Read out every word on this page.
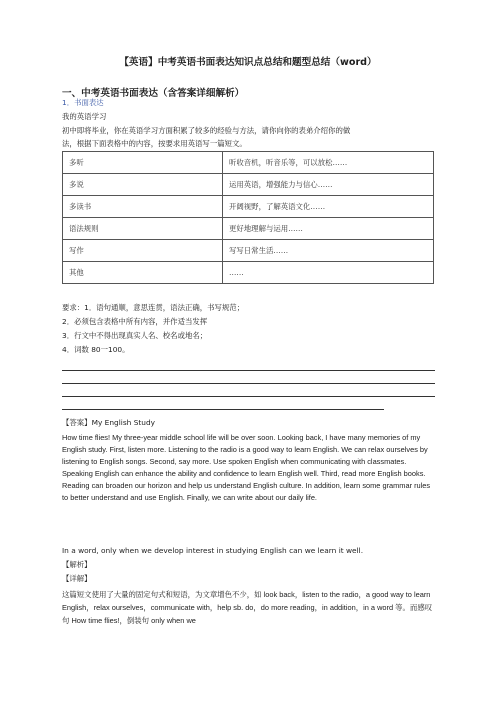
【英语】中考英语书面表达知识点总结和题型总结（word）
一、中考英语书面表达（含答案详细解析）
1．书面表达
我的英语学习
初中即将毕业，你在英语学习方面积累了较多的经验与方法，请你向你的表弟介绍你的做
法，根据下面表格中的内容，按要求用英语写一篇短文。
多听	听收音机，听音乐等，可以放松……
多说	运用英语，增强能力与信心……
多读书	开阔视野，了解英语文化……
语法规则	更好地理解与运用……
写作	写写日常生活……
其他	……
要求：1．语句通顺，意思连贯，语法正确，书写规范；
2．必须包含表格中所有内容，并作适当发挥
3．行文中不得出现真实人名、校名或地名；
4．词数 80一100。
【答案】My English Study
How time flies! My three-year middle school life will be over soon. Looking back, I have many memories of my English study. First, listen more. Listening to the radio is a good way to learn English. We can relax ourselves by listening to English songs. Second, say more. Use spoken English when communicating with classmates. Speaking English can enhance the ability and confidence to learn English well. Third, read more English books. Reading can broaden our horizon and help us understand English culture. In addition, learn some grammar rules to better understand and use English. Finally, we can write about our daily life.
In a word, only when we develop interest in studying English can we learn it well.
【解析】
【详解】
这篇短文使用了大量的固定句式和短语，为文章增色不少，如 look back，listen to the radio，a good way to learn English，relax ourselves，communicate with，help sb. do，do more reading，in addition，in a word 等。而感叹句 How time flies!，倒装句 only when we
